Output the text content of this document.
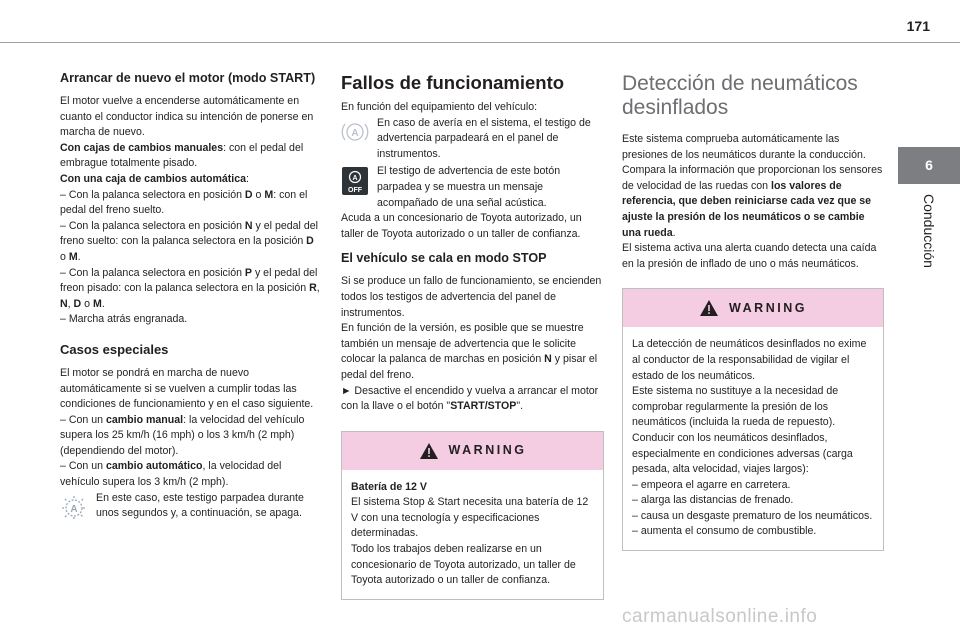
171
Arrancar de nuevo el motor (modo START)

El motor vuelve a encenderse automáticamente en cuanto el conductor indica su intención de ponerse en marcha de nuevo.

Con cajas de cambios manuales: con el pedal del embrague totalmente pisado.

Con una caja de cambios automática:

– Con la palanca selectora en posición D o M: con el pedal del freno suelto.

– Con la palanca selectora en posición N y el pedal del freno suelto: con la palanca selectora en la posición D o M.

– Con la palanca selectora en posición P y el pedal del freon pisado: con la palanca selectora en la posición R, N, D o M.

– Marcha atrás engranada.

Casos especiales

El motor se pondrá en marcha de nuevo automáticamente si se vuelven a cumplir todas las condiciones de funcionamiento y en el caso siguiente.

– Con un cambio manual: la velocidad del vehículo supera los 25 km/h (16 mph) o los 3 km/h (2 mph) (dependiendo del motor).

– Con un cambio automático, la velocidad del vehículo supera los 3 km/h (2 mph).

A
En este caso, este testigo parpadea durante unos segundos y, a continuación, se apaga.
Fallos de funcionamiento

En función del equipamiento del vehículo:

A
En caso de avería en el sistema, el testigo de advertencia parpadeará en el panel de instrumentos.
A
OFF
El testigo de advertencia de este botón parpadea y se muestra un mensaje acompañado de una señal acústica.

Acuda a un concesionario de Toyota autorizado, un taller de Toyota autorizado o un taller de confianza.

El vehículo se cala en modo STOP

Si se produce un fallo de funcionamiento, se encienden todos los testigos de advertencia del panel de instrumentos.

En función de la versión, es posible que se muestre también un mensaje de advertencia que le solicite colocar la palanca de marchas en posición N y pisar el pedal del freno.

► Desactive el encendido y vuelva a arrancar el motor con la llave o el botón "START/STOP".

WARNING

Batería de 12 V

El sistema Stop & Start necesita una batería de 12 V con una tecnología y especificaciones determinadas.

Todo los trabajos deben realizarse en un concesionario de Toyota autorizado, un taller de Toyota autorizado o un taller de confianza.

Detección de neumáticos desinflados

Este sistema comprueba automáticamente las presiones de los neumáticos durante la conducción.

Compara la información que proporcionan los sensores de velocidad de las ruedas con los valores de referencia, que deben reiniciarse cada vez que se ajuste la presión de los neumáticos o se cambie una rueda.

El sistema activa una alerta cuando detecta una caída en la presión de inflado de uno o más neumáticos.

WARNING

La detección de neumáticos desinflados no exime al conductor de la responsabilidad de vigilar el estado de los neumáticos.

Este sistema no sustituye a la necesidad de comprobar regularmente la presión de los neumáticos (incluida la rueda de repuesto).

Conducir con los neumáticos desinflados, especialmente en condiciones adversas (carga pesada, alta velocidad, viajes largos):

– empeora el agarre en carretera.

– alarga las distancias de frenado.

– causa un desgaste prematuro de los neumáticos.

– aumenta el consumo de combustible.

6
Conducción
carmanualsonline.info
